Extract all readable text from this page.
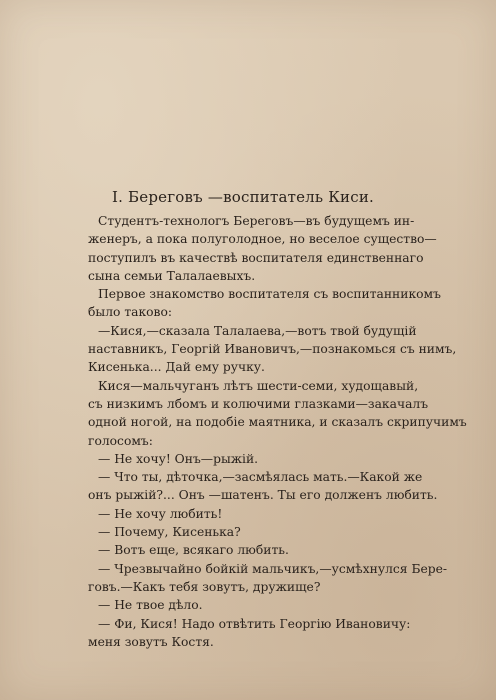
I. Береговъ —воспитатель Киси.
Студентъ-технологъ Береговъ—въ будущемъ ин-
женеръ, а пока полуголодное, но веселое существо—
поступилъ въ качествѣ воспитателя единственнаго
сына семьи Талалаевыхъ.
Первое знакомство воспитателя съ воспитанникомъ
было таково:
—Кися,—сказала Талалаева,—вотъ твой будущій
наставникъ, Георгій Ивановичъ,—познакомься съ нимъ,
Кисенька... Дай ему ручку.
Кися—мальчуганъ лѣтъ шести-семи, худощавый,
съ низкимъ лбомъ и колючими глазками—закачалъ
одной ногой, на подобіе маятника, и сказалъ скрипучимъ
голосомъ:
— Не хочу! Онъ—рыжій.
— Что ты, дѣточка,—засмѣялась мать.—Какой же
онъ рыжій?... Онъ —шатенъ. Ты его долженъ любить.
— Не хочу любить!
— Почему, Кисенька?
— Вотъ еще, всякаго любить.
— Чрезвычайно бойкій мальчикъ,—усмѣхнулся Бере-
говъ.—Какъ тебя зовутъ, дружище?
— Не твое дѣло.
— Фи, Кися! Надо отвѣтить Георгію Ивановичу:
меня зовутъ Костя.
